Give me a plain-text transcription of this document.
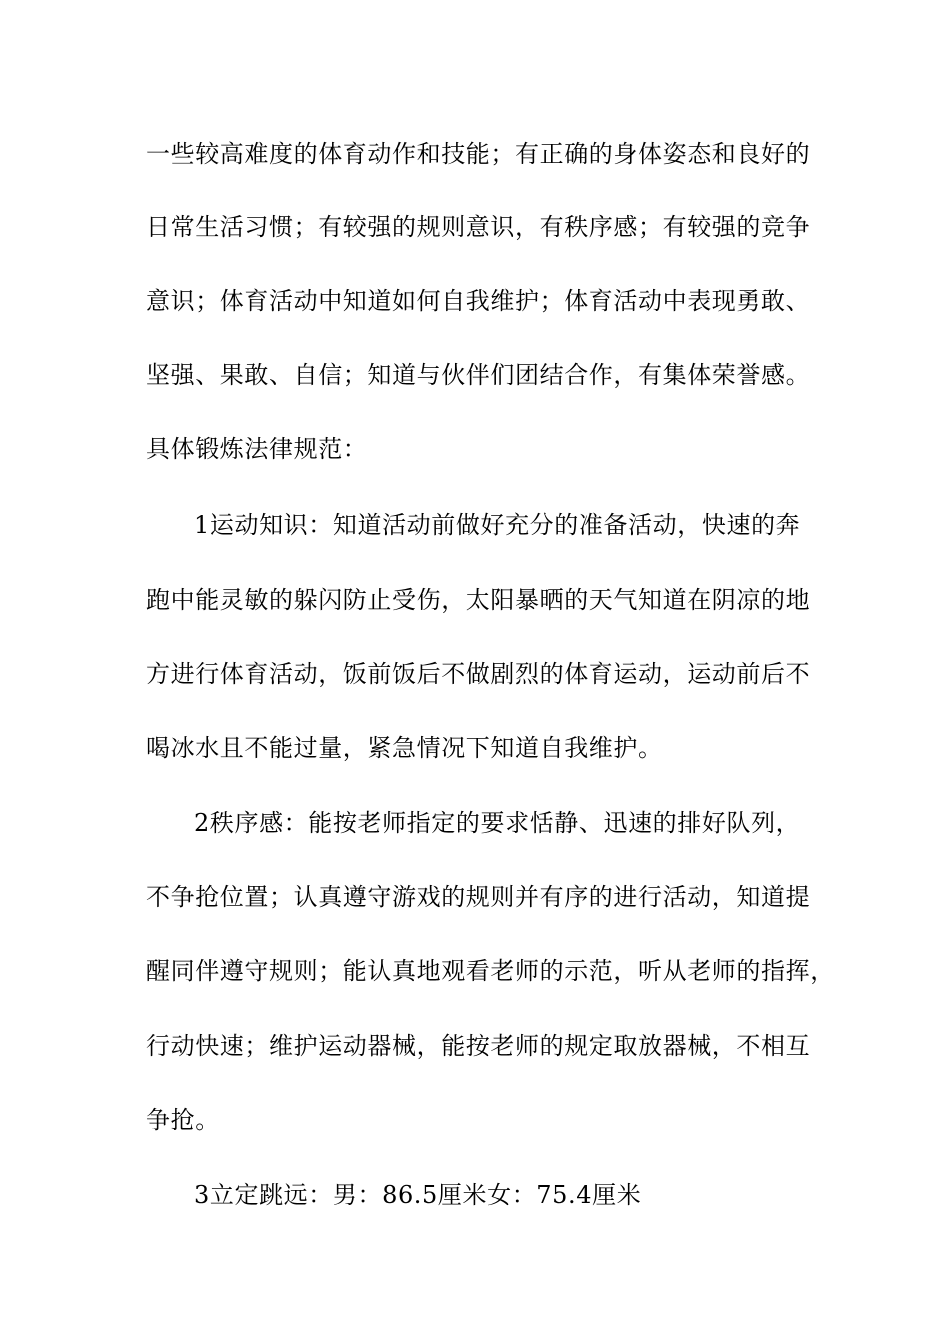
一些较高难度的体育动作和技能；有正确的身体姿态和良好的
日常生活习惯；有较强的规则意识，有秩序感；有较强的竞争
意识；体育活动中知道如何自我维护；体育活动中表现勇敢、
坚强、果敢、自信；知道与伙伴们团结合作，有集体荣誉感。
具体锻炼法律规范：
1运动知识：知道活动前做好充分的准备活动，快速的奔
跑中能灵敏的躲闪防止受伤，太阳暴晒的天气知道在阴凉的地
方进行体育活动，饭前饭后不做剧烈的体育运动，运动前后不
喝冰水且不能过量，紧急情况下知道自我维护。
2秩序感：能按老师指定的要求恬静、迅速的排好队列，
不争抢位置；认真遵守游戏的规则并有序的进行活动，知道提
醒同伴遵守规则；能认真地观看老师的示范，听从老师的指挥，
行动快速；维护运动器械，能按老师的规定取放器械，不相互
争抢。
3立定跳远：男：86.5厘米女：75.4厘米
